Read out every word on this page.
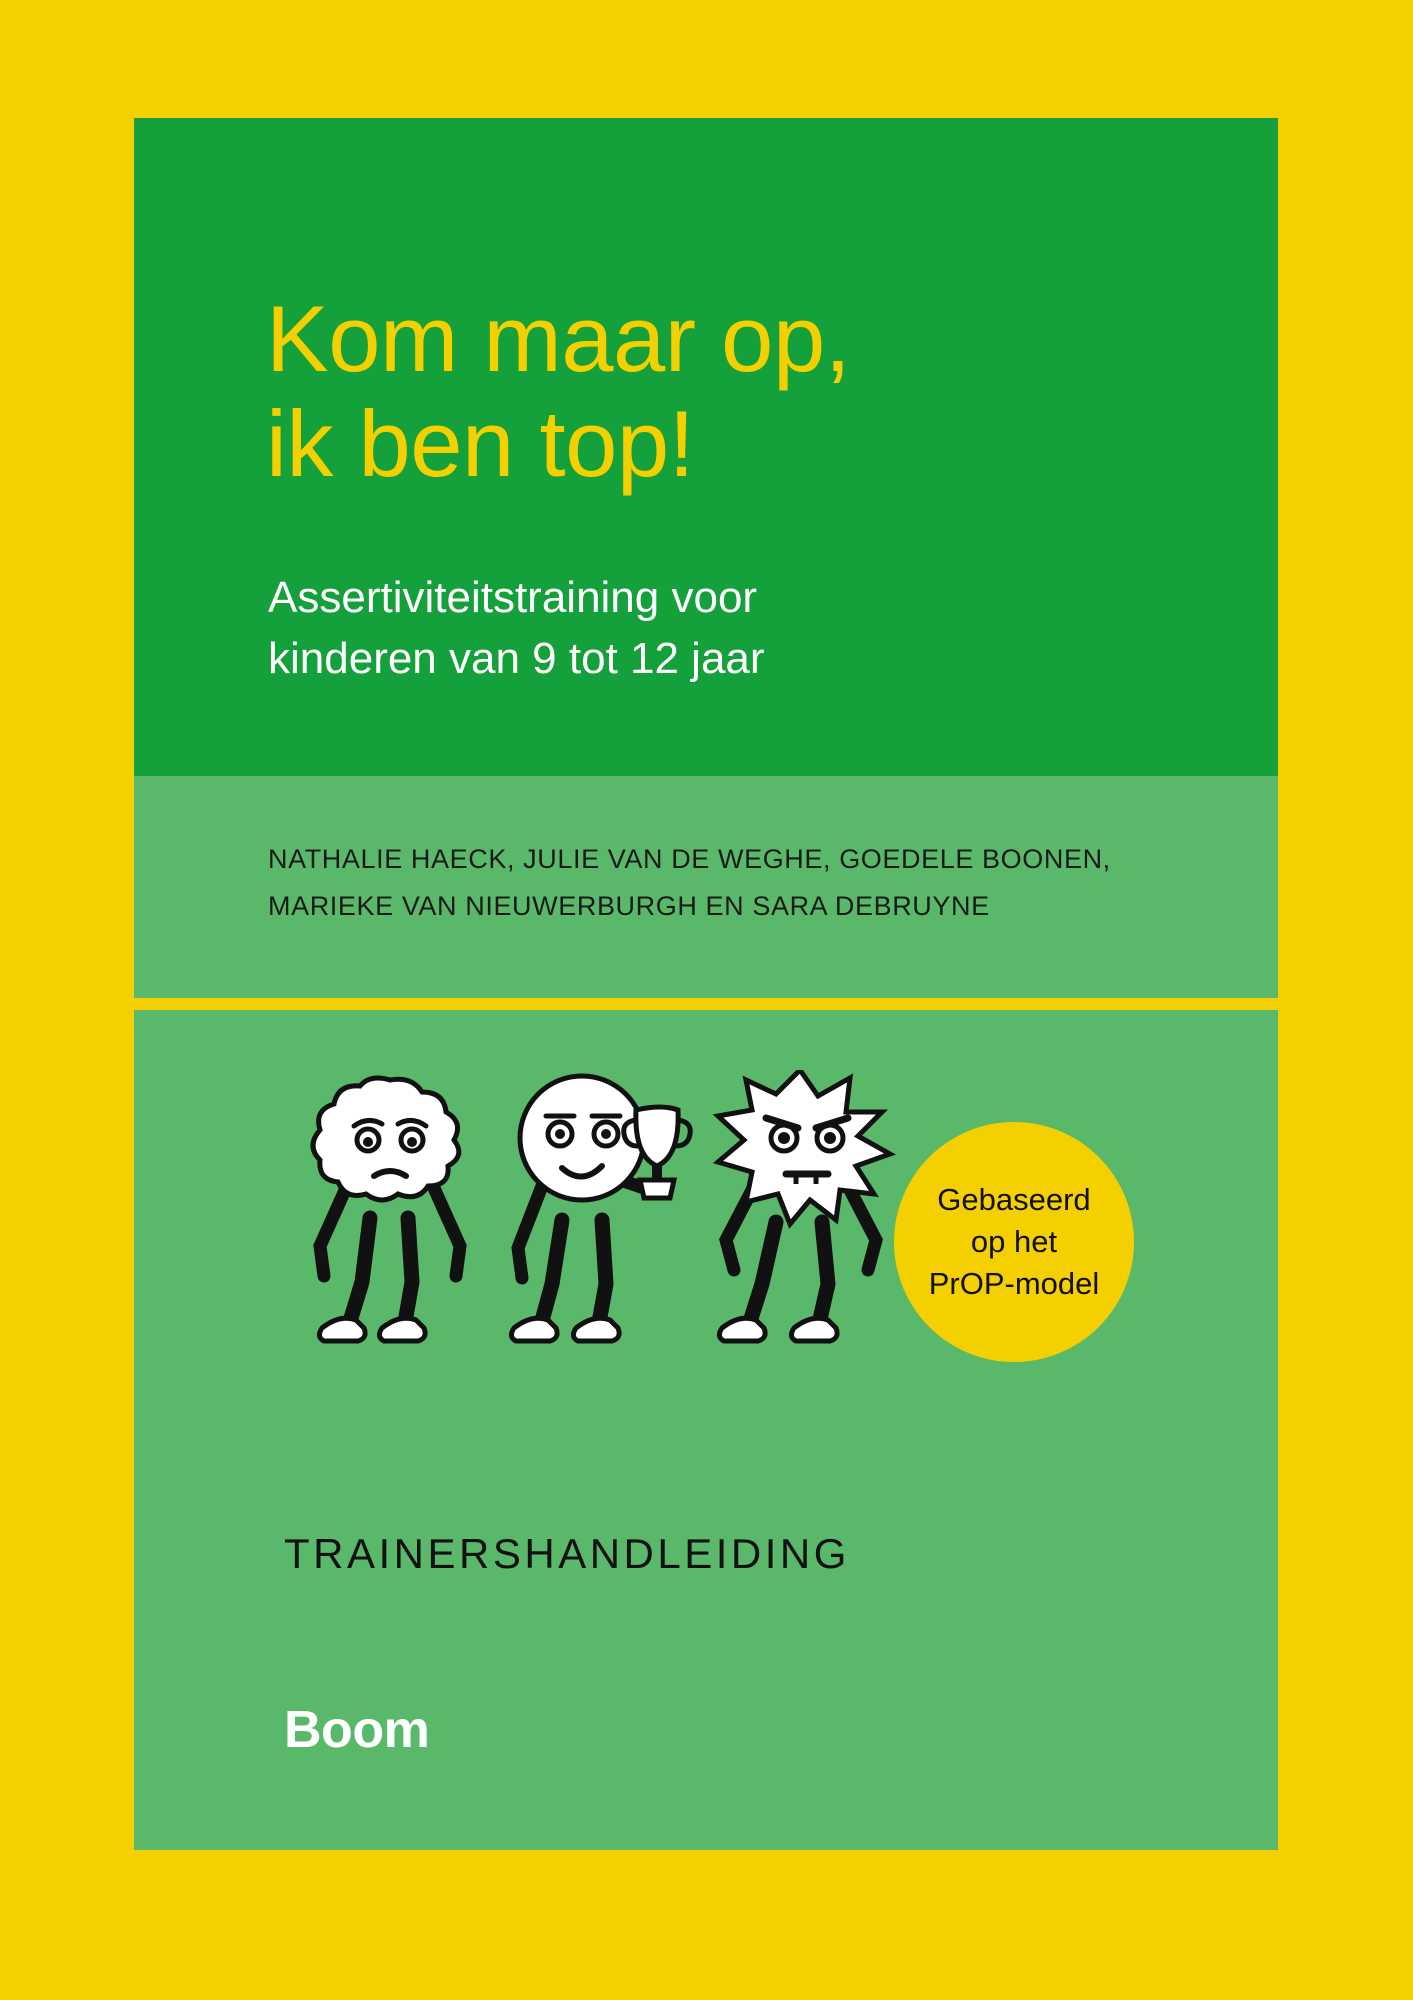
Kom maar op,
ik ben top!
Assertiviteitstraining voor
kinderen van 9 tot 12 jaar
NATHALIE HAECK, JULIE VAN DE WEGHE, GOEDELE BOONEN,
MARIEKE VAN NIEUWERBURGH EN SARA DEBRUYNE
TRAINERSHANDLEIDING
Boom
Gebaseerd
op het
PrOP-model
